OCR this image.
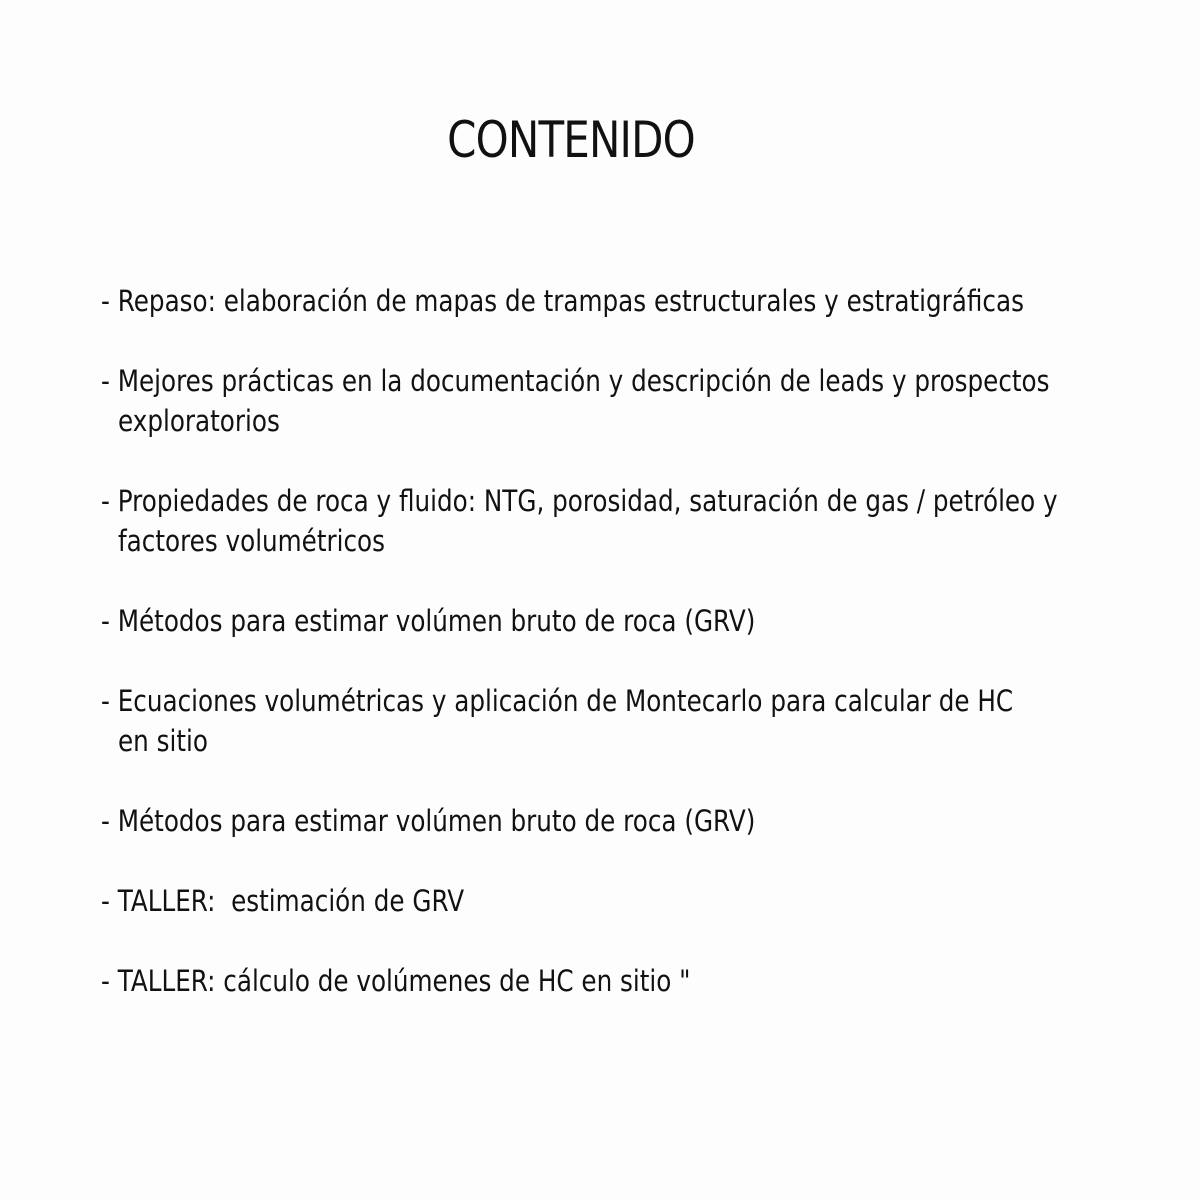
CONTENIDO
- Repaso: elaboración de mapas de trampas estructurales y estratigráficas
- Mejores prácticas en la documentación y descripción de leads y prospectos
exploratorios
- Propiedades de roca y fluido: NTG, porosidad, saturación de gas / petróleo y
factores volumétricos
- Métodos para estimar volúmen bruto de roca (GRV)
- Ecuaciones volumétricas y aplicación de Montecarlo para calcular de HC
en sitio
- Métodos para estimar volúmen bruto de roca (GRV)
- TALLER:  estimación de GRV
- TALLER: cálculo de volúmenes de HC en sitio "
